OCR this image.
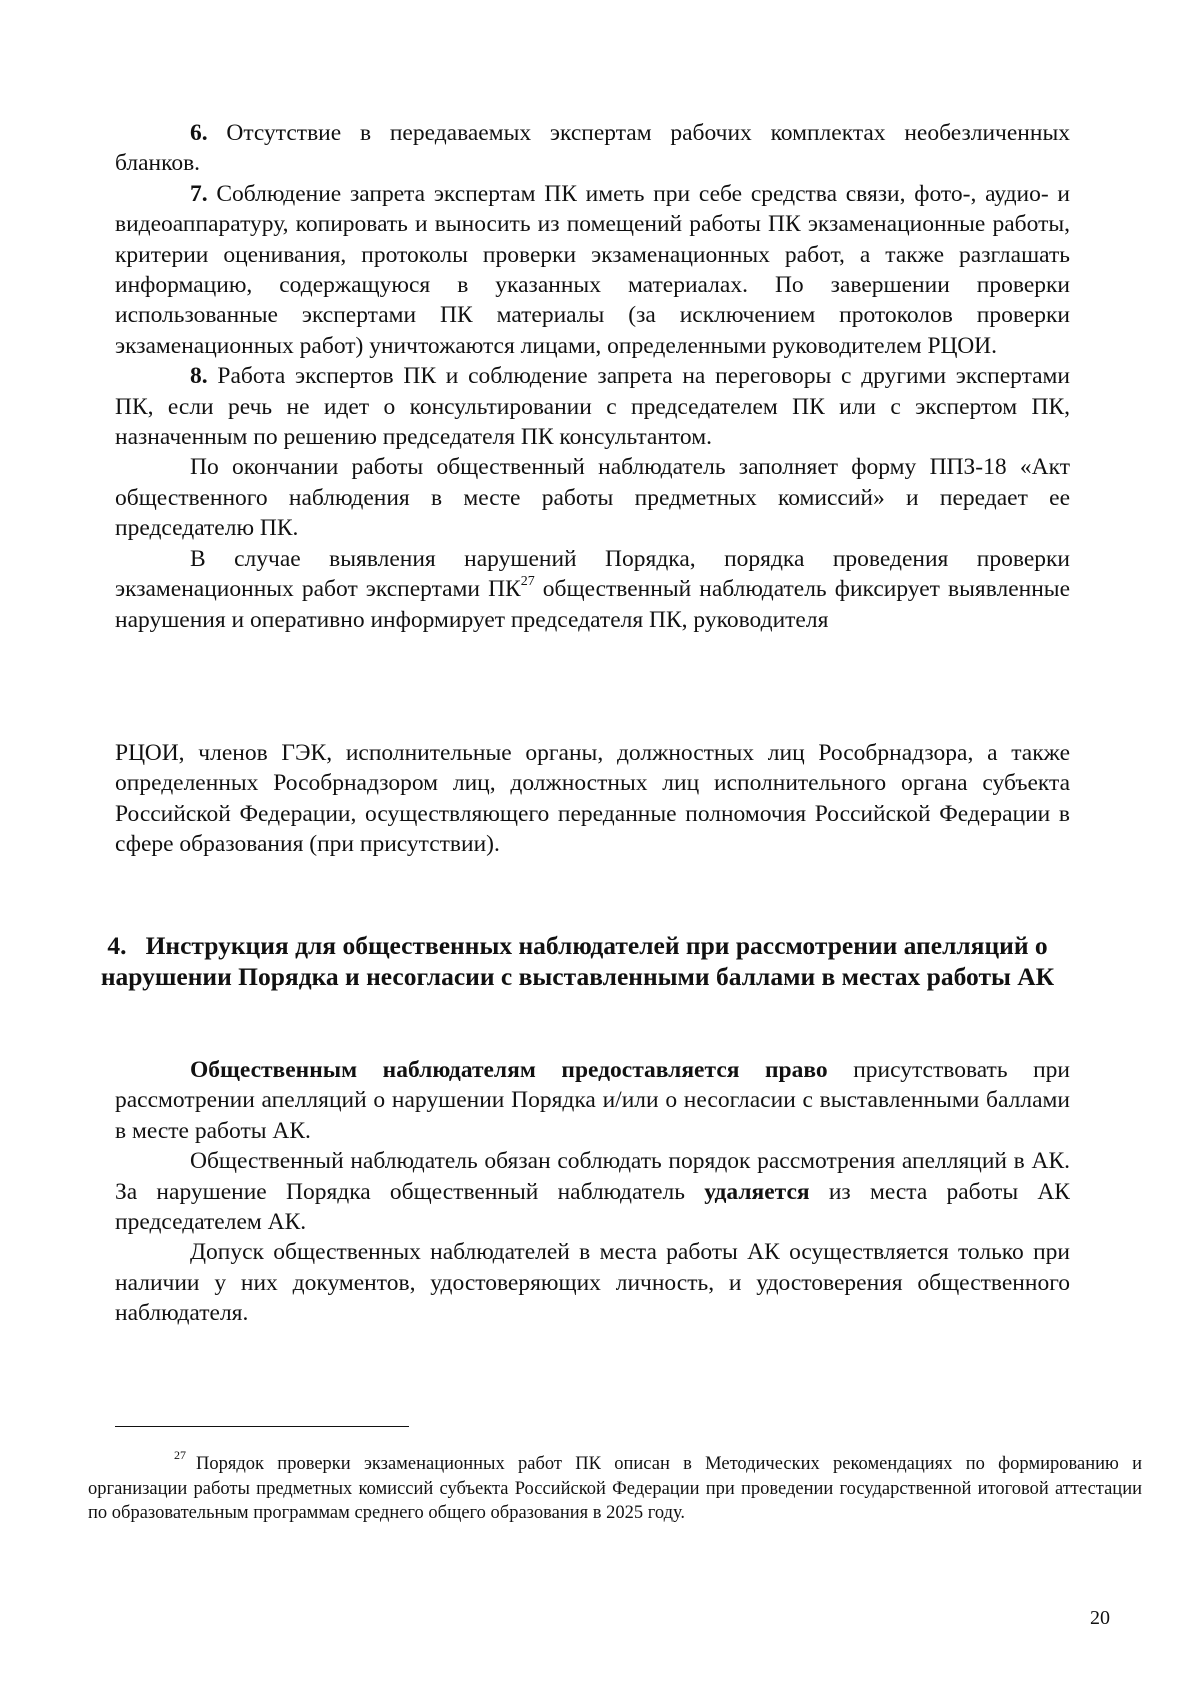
6. Отсутствие в передаваемых экспертам рабочих комплектах необезличенных бланков.

7. Соблюдение запрета экспертам ПК иметь при себе средства связи, фото-, аудио- и видеоаппаратуру, копировать и выносить из помещений работы ПК экзаменационные работы, критерии оценивания, протоколы проверки экзаменационных работ, а также разглашать информацию, содержащуюся в указанных материалах. По завершении проверки использованные экспертами ПК материалы (за исключением протоколов проверки экзаменационных работ) уничтожаются лицами, определенными руководителем РЦОИ.

8. Работа экспертов ПК и соблюдение запрета на переговоры с другими экспертами ПК, если речь не идет о консультировании с председателем ПК или с экспертом ПК, назначенным по решению председателя ПК консультантом.

По окончании работы общественный наблюдатель заполняет форму ППЗ-18 «Акт общественного наблюдения в месте работы предметных комиссий» и передает ее председателю ПК.

В случае выявления нарушений Порядка, порядка проведения проверки экзаменационных работ экспертами ПК$^{27}$ общественный наблюдатель фиксирует выявленные нарушения и оперативно информирует председателя ПК, руководителя

РЦОИ, членов ГЭК, исполнительные органы, должностных лиц Рособрнадзора, а также определенных Рособрнадзором лиц, должностных лиц исполнительного органа субъекта Российской Федерации, осуществляющего переданные полномочия Российской Федерации в сфере образования (при присутствии).

4. Инструкция для общественных наблюдателей при рассмотрении апелляций о нарушении Порядка и несогласии с выставленными баллами в местах работы АК

Общественным наблюдателям предоставляется право присутствовать при рассмотрении апелляций о нарушении Порядка и/или о несогласии с выставленными баллами в месте работы АК.

Общественный наблюдатель обязан соблюдать порядок рассмотрения апелляций в АК. За нарушение Порядка общественный наблюдатель удаляется из места работы АК председателем АК.

Допуск общественных наблюдателей в места работы АК осуществляется только при наличии у них документов, удостоверяющих личность, и удостоверения общественного наблюдателя.

$^{27}$ Порядок проверки экзаменационных работ ПК описан в Методических рекомендациях по формированию и организации работы предметных комиссий субъекта Российской Федерации при проведении государственной итоговой аттестации по образовательным программам среднего общего образования в 2025 году.

20
